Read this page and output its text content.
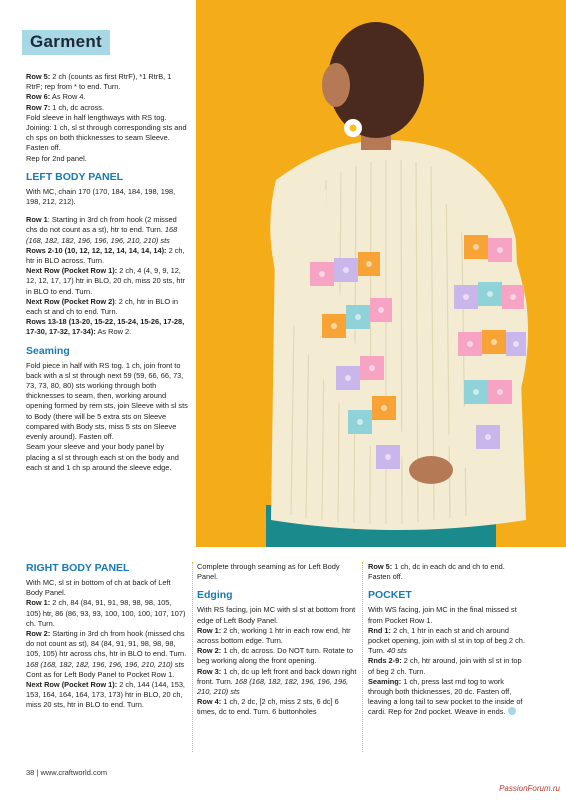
Garment

Row 5: 2 ch (counts as first RtrF), *1 RtrB, 1 RtrF; rep from * to end. Turn.

Row 6: As Row 4.

Row 7: 1 ch, dc across.

Fold sleeve in half lengthways with RS tog. Joining: 1 ch, sl st through corresponding sts and ch sps on both thicknesses to seam Sleeve. Fasten off.

Rep for 2nd panel.

LEFT BODY PANEL

With MC, chain 170 (170, 184, 184, 198, 198, 198, 212, 212).

Row 1: Starting in 3rd ch from hook (2 missed chs do not count as a st), htr to end. Turn. 168 (168, 182, 182, 196, 196, 196, 210, 210) sts

Rows 2-10 (10, 12, 12, 12, 14, 14, 14, 14): 2 ch, htr in BLO across. Turn.

Next Row (Pocket Row 1): 2 ch, 4 (4, 9, 9, 12, 12, 12, 17, 17) htr in BLO, 20 ch, miss 20 sts, htr in BLO to end. Turn.

Next Row (Pocket Row 2): 2 ch, htr in BLO in each st and ch to end. Turn.

Rows 13-18 (13-20, 15-22, 15-24, 15-26, 17-28, 17-30, 17-32, 17-34): As Row 2.

Seaming

Fold piece in half with RS tog. 1 ch, join front to back with a sl st through next 59 (59, 66, 66, 73, 73, 73, 80, 80) sts working through both thicknesses to seam, then, working around opening formed by rem sts, join Sleeve with sl sts to Body (there will be 5 extra sts on Sleeve compared with Body sts, miss 5 sts on Sleeve evenly around). Fasten off.

Seam your sleeve and your body panel by placing a sl st through each st on the body and each st and 1 ch sp around the sleeve edge.

RIGHT BODY PANEL

With MC, sl st in bottom of ch at back of Left Body Panel.

Row 1: 2 ch, 84 (84, 91, 91, 98, 98, 98, 105, 105) htr, 86 (86, 93, 93, 100, 100, 100, 107, 107) ch. Turn.

Row 2: Starting in 3rd ch from hook (missed chs do not count as st), 84 (84, 91, 91, 98, 98, 98, 105, 105) htr across chs, htr in BLO to end. Turn. 168 (168, 182, 182, 196, 196, 196, 210, 210) sts

Cont as for Left Body Panel to Pocket Row 1.

Next Row (Pocket Row 1): 2 ch, 144 (144, 153, 153, 164, 164, 164, 173, 173) htr in BLO, 20 ch, miss 20 sts, htr in BLO to end. Turn.

Complete through seaming as for Left Body Panel.

Edging

With RS facing, join MC with sl st at bottom front edge of Left Body Panel.

Row 1: 2 ch, working 1 htr in each row end, htr across bottom edge. Turn.

Row 2: 1 ch, dc across. Do NOT turn. Rotate to beg working along the front opening.

Row 3: 1 ch, dc up left front and back down right front. Turn. 168 (168, 182, 182, 196, 196, 196, 210, 210) sts

Row 4: 1 ch, 2 dc, [2 ch, miss 2 sts, 6 dc] 6 times, dc to end. Turn. 6 buttonholes

Row 5: 1 ch, dc in each dc and ch to end. Fasten off.

POCKET

With WS facing, join MC in the final missed st from Pocket Row 1.

Rnd 1: 2 ch, 1 htr in each st and ch around pocket opening, join with sl st in top of beg 2 ch. Turn. 40 sts

Rnds 2-9: 2 ch, htr around, join with sl st in top of beg 2 ch. Turn.

Seaming: 1 ch, press last rnd tog to work through both thicknesses, 20 dc. Fasten off, leaving a long tail to sew pocket to the inside of cardi. Rep for 2nd pocket. Weave in ends.

38 | www.craftworld.com
PassionForum.ru
